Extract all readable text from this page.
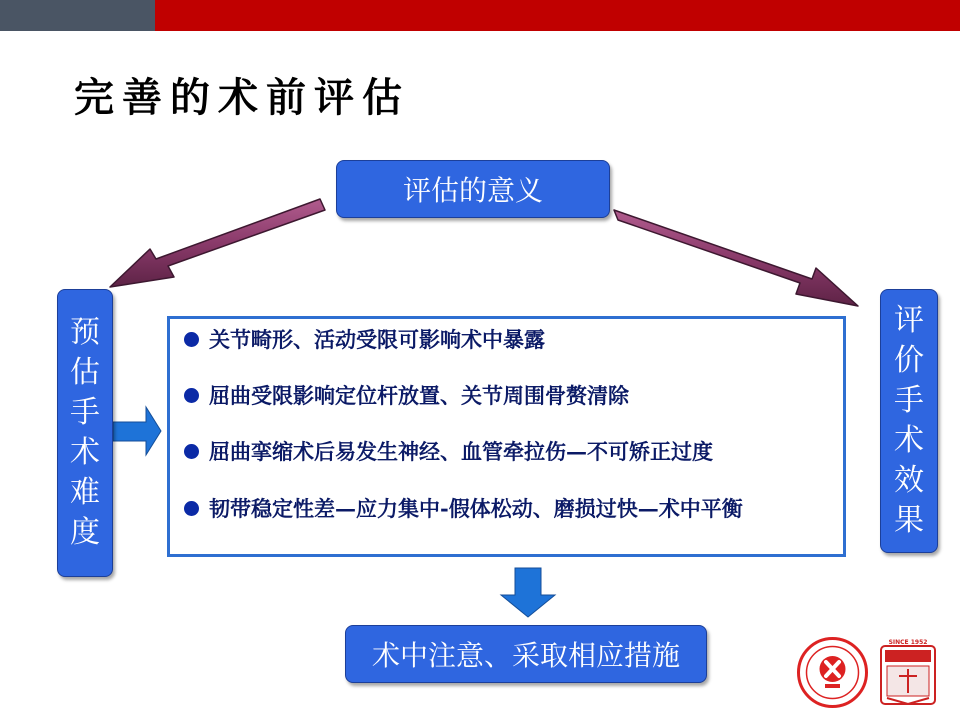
完善的术前评估
评估的意义
预估手术难度
评价手术效果
关节畸形、活动受限可影响术中暴露
屈曲受限影响定位杆放置、关节周围骨赘清除
屈曲挛缩术后易发生神经、血管牵拉伤—不可矫正过度
韧带稳定性差—应力集中-假体松动、磨损过快—术中平衡
术中注意、采取相应措施	SINCE 1952
